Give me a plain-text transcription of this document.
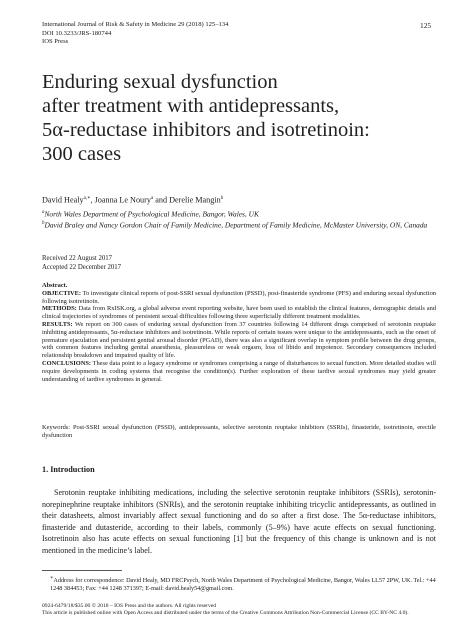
International Journal of Risk & Safety in Medicine 29 (2018) 125–134
DOI 10.3233/JRS-180744
IOS Press
125
Enduring sexual dysfunction
after treatment with antidepressants,
5α-reductase inhibitors and isotretinoin:
300 cases
David Healy$^{a,∗}$, Joanna Le Noury$^a$ and Derelie Mangin$^b$
$^a$North Wales Department of Psychological Medicine, Bangor, Wales, UK
$^b$David Braley and Nancy Gordon Chair of Family Medicine, Department of Family Medicine, McMaster University, ON, Canada
Received 22 August 2017
Accepted 22 December 2017

Abstract.

OBJECTIVE: To investigate clinical reports of post-SSRI sexual dysfunction (PSSD), post-finasteride syndrome (PFS) and enduring sexual dysfunction following isotretinoin.

METHODS: Data from RxISK.org, a global adverse event reporting website, have been used to establish the clinical features, demographic details and clinical trajectories of syndromes of persistent sexual difficulties following three superficially different treatment modalities.

RESULTS: We report on 300 cases of enduring sexual dysfunction from 37 countries following 14 different drugs comprised of serotonin reuptake inhibiting antidepressants, 5α-reductase inhibitors and isotretinoin. While reports of certain issues were unique to the antidepressants, such as the onset of premature ejaculation and persistent genital arousal disorder (PGAD), there was also a significant overlap in symptom profile between the drug groups, with common features including genital anaesthesia, pleasureless or weak orgasm, loss of libido and impotence. Secondary consequences included relationship breakdown and impaired quality of life.

CONCLUSIONS: These data point to a legacy syndrome or syndromes comprising a range of disturbances to sexual function. More detailed studies will require developments in coding systems that recognise the condition(s). Further exploration of these tardive sexual syndromes may yield greater understanding of tardive syndromes in general.

Keywords: Post-SSRI sexual dysfunction (PSSD), antidepressants, selective serotonin reuptake inhibitors (SSRIs), finasteride, isotretinoin, erectile dysfunction
1. Introduction
Serotonin reuptake inhibiting medications, including the selective serotonin reuptake inhibitors (SSRIs), serotonin-norepinephrine reuptake inhibitors (SNRIs), and the serotonin reuptake inhibiting tricyclic antidepressants, as outlined in their datasheets, almost invariably affect sexual functioning and do so after a first dose. The 5α-reductase inhibitors, finasteride and dutasteride, according to their labels, commonly (5–9%) have acute effects on sexual functioning. Isotretinoin also has acute effects on sexual functioning [1] but the frequency of this change is unknown and is not mentioned in the medicine’s label.
∗Address for correspondence: David Healy, MD FRCPsych, North Wales Department of Psychological Medicine, Bangor, Wales LL57 2PW, UK. Tel.: +44 1248 384453; Fax: +44 1248 371397; E-mail: david.healy54@gmail.com.
0924-6479/18/$35.00 © 2018 – IOS Press and the authors. All rights reserved
This article is published online with Open Access and distributed under the terms of the Creative Commons Attribution Non-Commercial License (CC BY-NC 4.0).
